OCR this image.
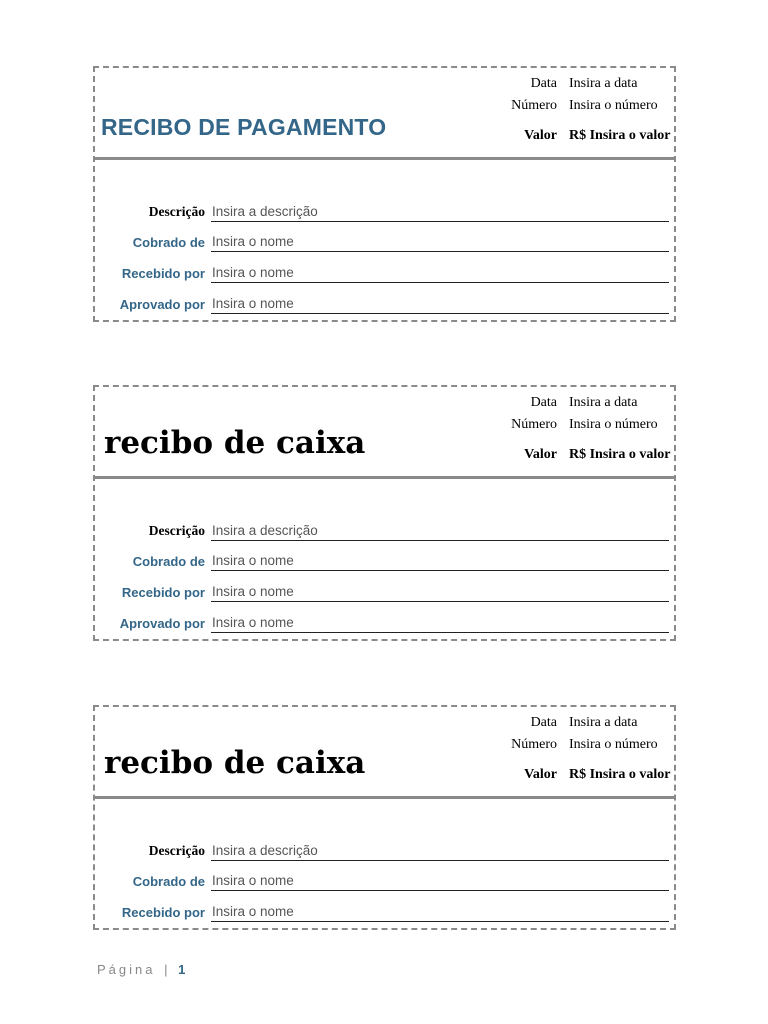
RECIBO DE PAGAMENTO
Data Insira a data
Número Insira o número
Valor R$ Insira o valor
Descrição Insira a descrição
Cobrado de Insira o nome
Recebido por Insira o nome
Aprovado por Insira o nome
recibo de caixa
Data Insira a data
Número Insira o número
Valor R$ Insira o valor
Descrição Insira a descrição
Cobrado de Insira o nome
Recebido por Insira o nome
Aprovado por Insira o nome
recibo de caixa
Data Insira a data
Número Insira o número
Valor R$ Insira o valor
Descrição Insira a descrição
Cobrado de Insira o nome
Recebido por Insira o nome
Página | 1
